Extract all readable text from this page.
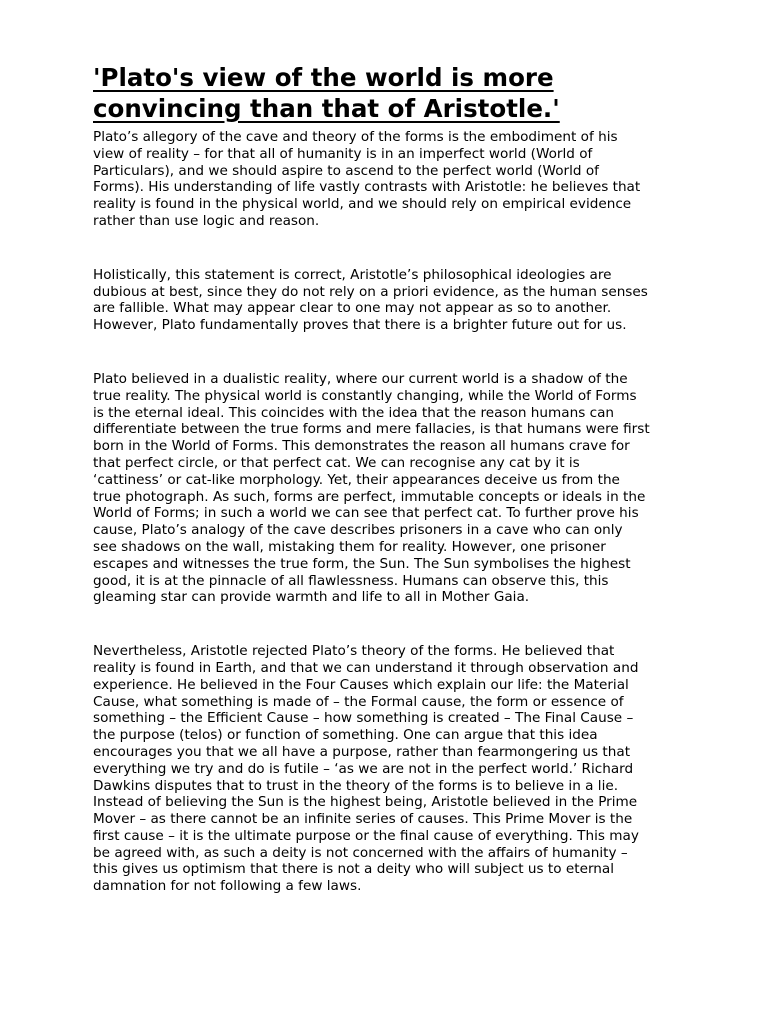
'Plato's view of the world is more
convincing than that of Aristotle.'

Plato’s allegory of the cave and theory of the forms is the embodiment of his
view of reality – for that all of humanity is in an imperfect world (World of
Particulars), and we should aspire to ascend to the perfect world (World of
Forms). His understanding of life vastly contrasts with Aristotle: he believes that
reality is found in the physical world, and we should rely on empirical evidence
rather than use logic and reason.

Holistically, this statement is correct, Aristotle’s philosophical ideologies are
dubious at best, since they do not rely on a priori evidence, as the human senses
are fallible. What may appear clear to one may not appear as so to another.
However, Plato fundamentally proves that there is a brighter future out for us.

Plato believed in a dualistic reality, where our current world is a shadow of the
true reality. The physical world is constantly changing, while the World of Forms
is the eternal ideal. This coincides with the idea that the reason humans can
differentiate between the true forms and mere fallacies, is that humans were first
born in the World of Forms. This demonstrates the reason all humans crave for
that perfect circle, or that perfect cat. We can recognise any cat by it is
‘cattiness’ or cat-like morphology. Yet, their appearances deceive us from the
true photograph. As such, forms are perfect, immutable concepts or ideals in the
World of Forms; in such a world we can see that perfect cat. To further prove his
cause, Plato’s analogy of the cave describes prisoners in a cave who can only
see shadows on the wall, mistaking them for reality. However, one prisoner
escapes and witnesses the true form, the Sun. The Sun symbolises the highest
good, it is at the pinnacle of all flawlessness. Humans can observe this, this
gleaming star can provide warmth and life to all in Mother Gaia.

Nevertheless, Aristotle rejected Plato’s theory of the forms. He believed that
reality is found in Earth, and that we can understand it through observation and
experience. He believed in the Four Causes which explain our life: the Material
Cause, what something is made of – the Formal cause, the form or essence of
something – the Efficient Cause – how something is created – The Final Cause –
the purpose (telos) or function of something. One can argue that this idea
encourages you that we all have a purpose, rather than fearmongering us that
everything we try and do is futile – ‘as we are not in the perfect world.’ Richard
Dawkins disputes that to trust in the theory of the forms is to believe in a lie.
Instead of believing the Sun is the highest being, Aristotle believed in the Prime
Mover – as there cannot be an infinite series of causes. This Prime Mover is the
first cause – it is the ultimate purpose or the final cause of everything. This may
be agreed with, as such a deity is not concerned with the affairs of humanity –
this gives us optimism that there is not a deity who will subject us to eternal
damnation for not following a few laws.
